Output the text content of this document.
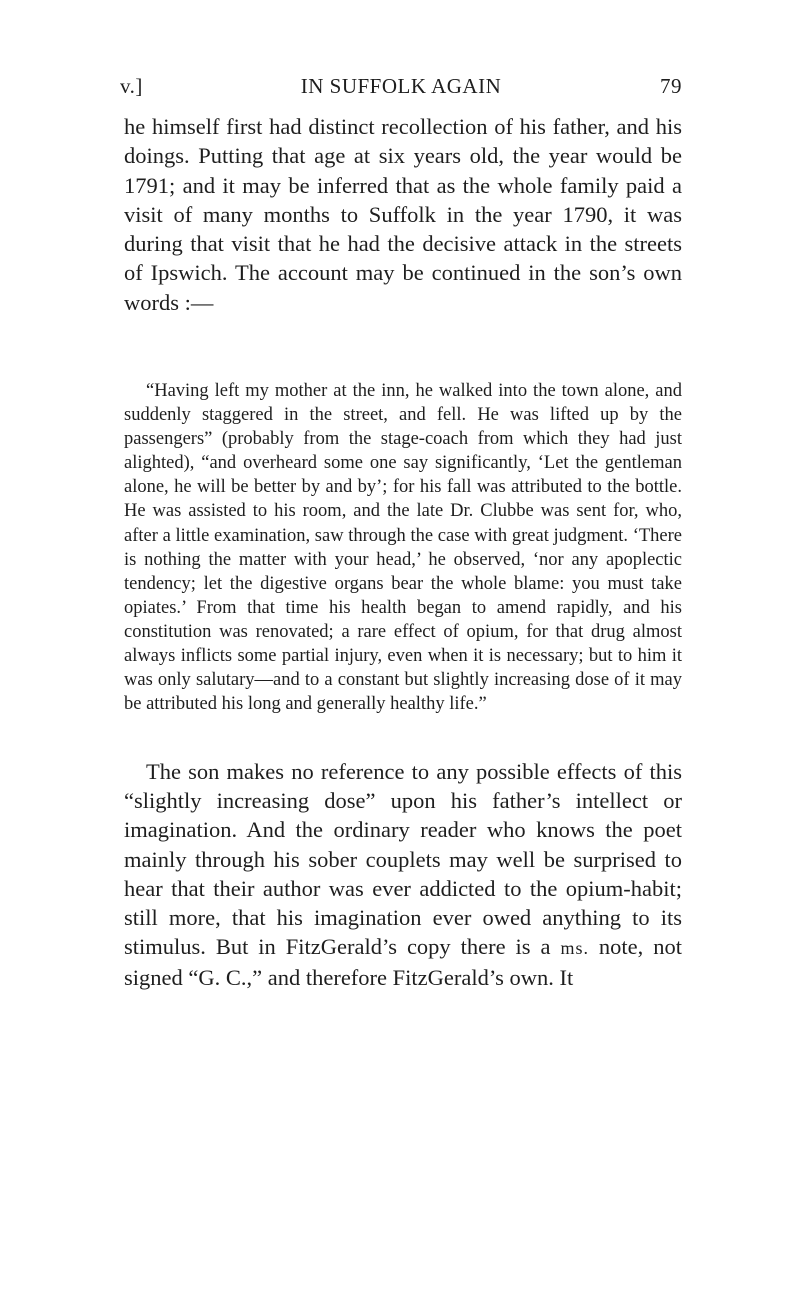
v.]	IN SUFFOLK AGAIN	79

he himself first had distinct recollection of his father, and his doings. Putting that age at six years old, the year would be 1791; and it may be inferred that as the whole family paid a visit of many months to Suffolk in the year 1790, it was during that visit that he had the decisive attack in the streets of Ipswich. The account may be continued in the son’s own words :—

“Having left my mother at the inn, he walked into the town alone, and suddenly staggered in the street, and fell. He was lifted up by the passengers” (probably from the stage-coach from which they had just alighted), “and overheard some one say significantly, ‘Let the gentleman alone, he will be better by and by’; for his fall was attributed to the bottle. He was assisted to his room, and the late Dr. Clubbe was sent for, who, after a little examination, saw through the case with great judgment. ‘There is nothing the matter with your head,’ he observed, ‘nor any apoplectic tendency; let the digestive organs bear the whole blame: you must take opiates.’ From that time his health began to amend rapidly, and his constitution was renovated; a rare effect of opium, for that drug almost always inflicts some partial injury, even when it is necessary; but to him it was only salutary—and to a constant but slightly increasing dose of it may be attributed his long and generally healthy life.”

The son makes no reference to any possible effects of this “slightly increasing dose” upon his father’s intellect or imagination. And the ordinary reader who knows the poet mainly through his sober couplets may well be surprised to hear that their author was ever addicted to the opium-habit; still more, that his imagination ever owed anything to its stimulus. But in FitzGerald’s copy there is a ms. note, not signed “G. C.,” and therefore FitzGerald’s own. It
